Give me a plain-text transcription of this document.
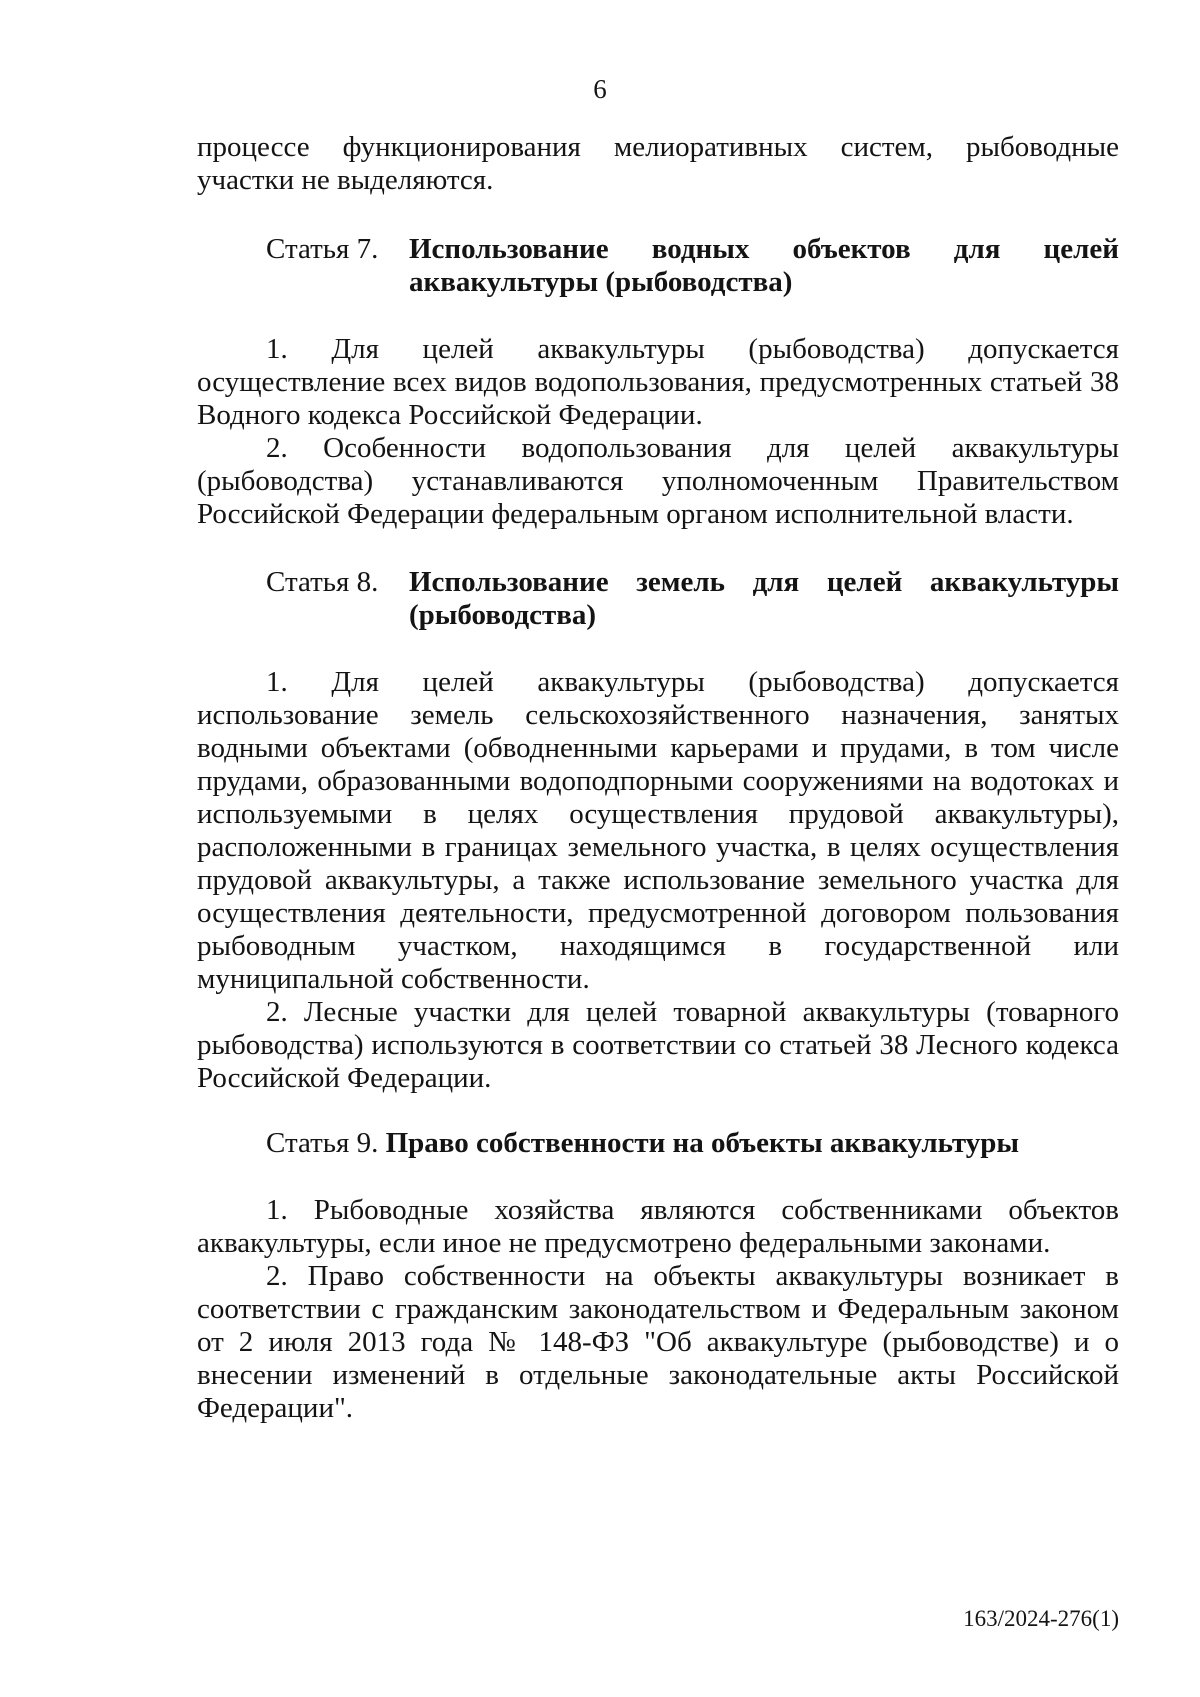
6

процессе функционирования мелиоративных систем, рыбоводные участки не выделяются.

Статья 7.	Использование водных объектов для целей аквакультуры (рыбоводства)

1. Для целей аквакультуры (рыбоводства) допускается осуществление всех видов водопользования, предусмотренных статьей 38 Водного кодекса Российской Федерации.

2. Особенности водопользования для целей аквакультуры (рыбоводства) устанавливаются уполномоченным Правительством Российской Федерации федеральным органом исполнительной власти.

Статья 8.	Использование земель для целей аквакультуры (рыбоводства)

1. Для целей аквакультуры (рыбоводства) допускается использование земель сельскохозяйственного назначения, занятых водными объектами (обводненными карьерами и прудами, в том числе прудами, образованными водоподпорными сооружениями на водотоках и используемыми в целях осуществления прудовой аквакультуры), расположенными в границах земельного участка, в целях осуществления прудовой аквакультуры, а также использование земельного участка для осуществления деятельности, предусмотренной договором пользования рыбоводным участком, находящимся в государственной или муниципальной собственности.

2. Лесные участки для целей товарной аквакультуры (товарного рыбоводства) используются в соответствии со статьей 38 Лесного кодекса Российской Федерации.

Статья 9. Право собственности на объекты аквакультуры

1. Рыбоводные хозяйства являются собственниками объектов аквакультуры, если иное не предусмотрено федеральными законами.

2. Право собственности на объекты аквакультуры возникает в соответствии с гражданским законодательством и Федеральным законом от 2 июля 2013 года № 148-ФЗ "Об аквакультуре (рыбоводстве) и о внесении изменений в отдельные законодательные акты Российской Федерации".

163/2024-276(1)
